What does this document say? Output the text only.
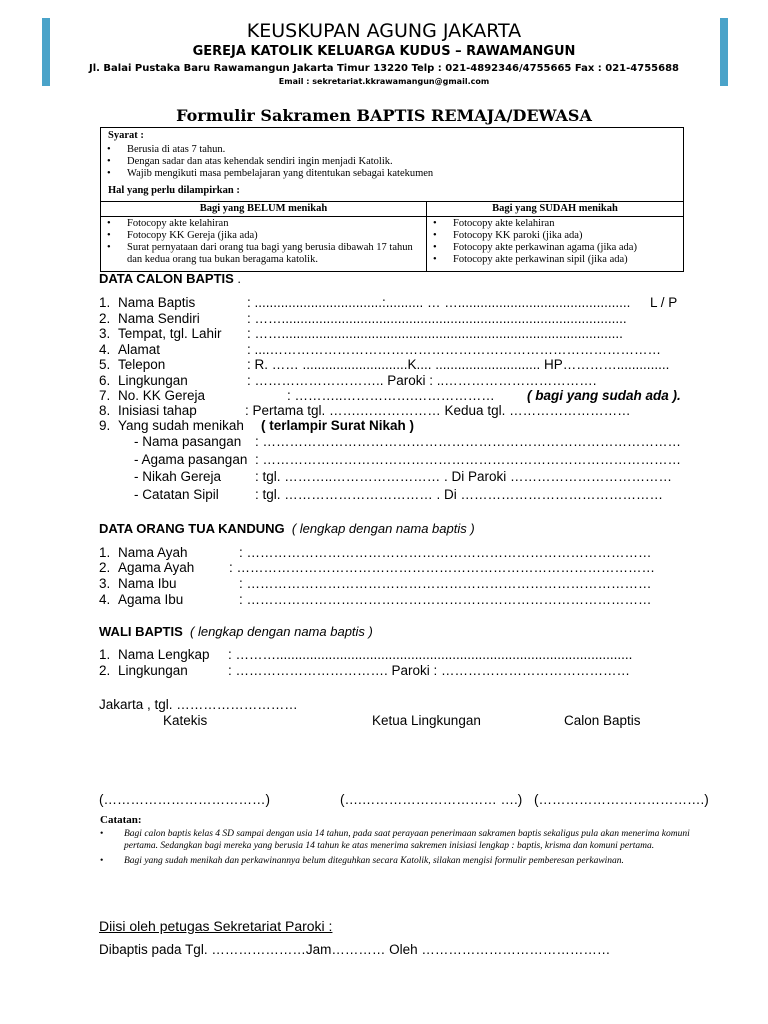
KEUSKUPAN AGUNG JAKARTA
GEREJA KATOLIK KELUARGA KUDUS – RAWAMANGUN
Jl. Balai Pustaka Baru Rawamangun Jakarta Timur 13220 Telp : 021-4892346/4755665 Fax : 021-4755688
Email : sekretariat.kkrawamangun@gmail.com
Formulir Sakramen BAPTIS REMAJA/DEWASA
Syarat :
• Berusia di atas 7 tahun.
• Dengan sadar dan atas kehendak sendiri ingin menjadi Katolik.
• Wajib mengikuti masa pembelajaran yang ditentukan sebagai katekumen
Hal yang perlu dilampirkan :
Bagi yang BELUM menikah
• Fotocopy akte kelahiran
• Fotocopy KK Gereja (jika ada)
• Surat pernyataan dari orang tua bagi yang berusia dibawah 17 tahun dan kedua orang tua bukan beragama katolik.
Bagi yang SUDAH menikah
• Fotocopy akte kelahiran
• Fotocopy KK paroki (jika ada)
• Fotocopy akte perkawinan agama (jika ada)
• Fotocopy akte perkawinan sipil (jika ada)
DATA CALON BAPTIS .
1. Nama Baptis	: ..................................:.......... … ….............................................. L / P
2. Nama Sendiri	: ……............................................................................................
3. Tempat, tgl. Lahir : ……...........................................................................................
4. Alamat	: ....……………………………………………………………………………
5. Telepon	: R. …… ............................K.... ............................ HP…………..............
6. Lingkungan	: ……………………….. Paroki : ..…………………………….
7. No. KK Gereja	: ………..…………….……………… ( bagi yang sudah ada ).
8. Inisiasi tahap	: Pertama tgl. …….……………… Kedua tgl. ………………………
9. Yang sudah menikah ( terlampir Surat Nikah )
- Nama pasangan : …………………………………………………………………………………
- Agama pasangan : …………………………………………………………………………………
- Nikah Gereja	: tgl. ………..…………………… . Di Paroki ………………………………
- Catatan Sipil	: tgl. …………………………… . Di ………………………………………
DATA ORANG TUA KANDUNG ( lengkap dengan nama baptis )
1. Nama Ayah	: ………………………………………………………………………………
2. Agama Ayah	: …………………………………………………………………………………
3. Nama Ibu	: ………………………………………………………………………………
4. Agama Ibu	: ………………………………………………………………………………
WALI BAPTIS ( lengkap dengan nama baptis )
1. Nama Lengkap : ………...............................................................................................
2. Lingkungan	: ……………………………. Paroki : ……………………………………
Jakarta , tgl. ………………………
Katekis	Ketua Lingkungan	Calon Baptis
(………………………………)	(….………………………… ….) (……………………………….)
Catatan:
• Bagi calon baptis kelas 4 SD sampai dengan usia 14 tahun, pada saat perayaan penerimaan sakramen baptis sekaligus pula akan menerima komuni pertama. Sedangkan bagi mereka yang berusia 14 tahun ke atas menerima sakremen inisiasi lengkap : baptis, krisma dan komuni pertama.
• Bagi yang sudah menikah dan perkawinannya belum diteguhkan secara Katolik, silakan mengisi formulir pemberesan perkawinan.
Diisi oleh petugas Sekretariat Paroki :
Dibaptis pada Tgl. …………………Jam………… Oleh ……………………………………
